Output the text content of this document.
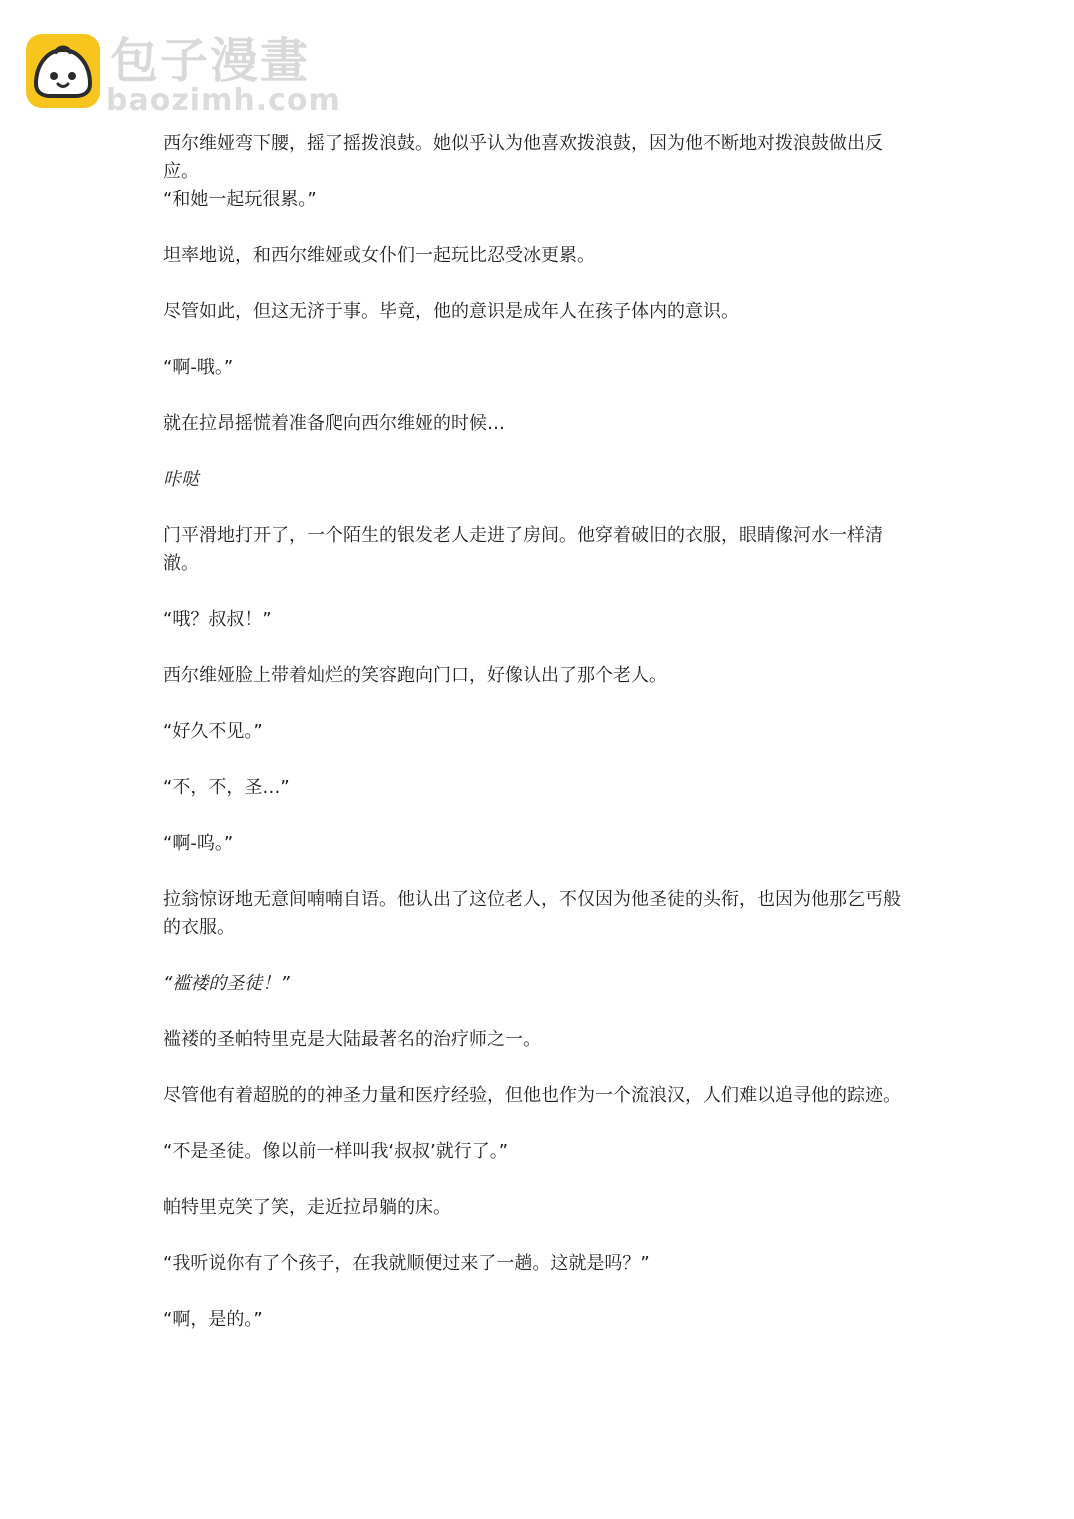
包子漫畫
baozimh.com

西尔维娅弯下腰，摇了摇拨浪鼓。她似乎认为他喜欢拨浪鼓，因为他不断地对拨浪鼓做出反应。

“和她一起玩很累。”

坦率地说，和西尔维娅或女仆们一起玩比忍受冰更累。

尽管如此，但这无济于事。毕竟，他的意识是成年人在孩子体内的意识。

“啊-哦。”

就在拉昂摇慌着准备爬向西尔维娅的时候…

咔哒

门平滑地打开了，一个陌生的银发老人走进了房间。他穿着破旧的衣服，眼睛像河水一样清澈。

“哦？叔叔！”

西尔维娅脸上带着灿烂的笑容跑向门口，好像认出了那个老人。

“好久不见。”

“不，不，圣…”

“啊-呜。”

拉翁惊讶地无意间喃喃自语。他认出了这位老人，不仅因为他圣徒的头衔，也因为他那乞丐般的衣服。

“褴褛的圣徒！”

褴褛的圣帕特里克是大陆最著名的治疗师之一。

尽管他有着超脱的的神圣力量和医疗经验，但他也作为一个流浪汉，人们难以追寻他的踪迹。

“不是圣徒。像以前一样叫我‘叔叔’就行了。”

帕特里克笑了笑，走近拉昂躺的床。

“我听说你有了个孩子，在我就顺便过来了一趟。这就是吗？”

“啊，是的。”
